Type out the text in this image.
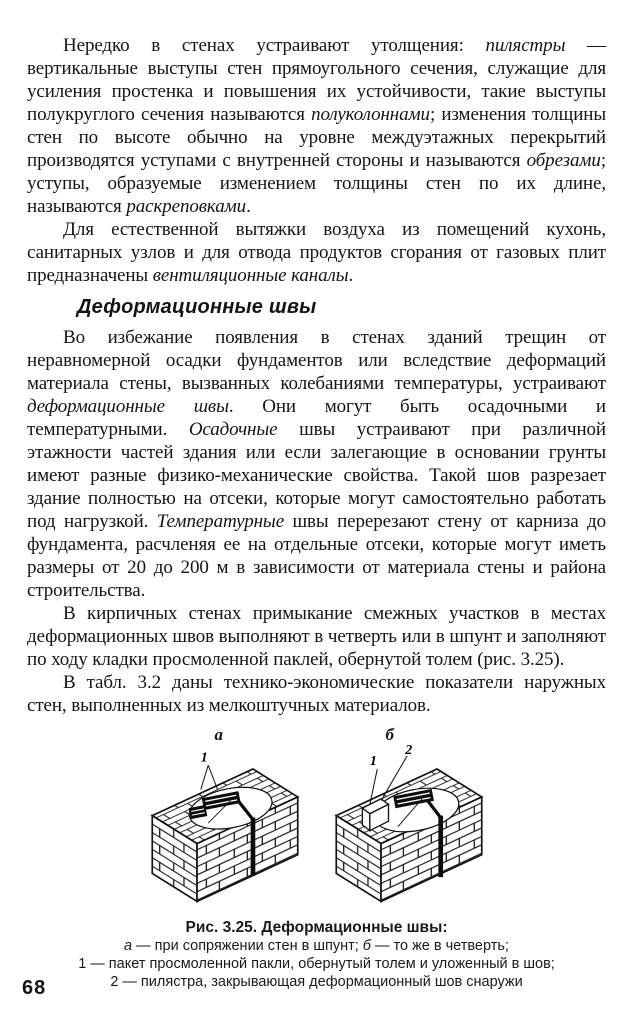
Нередко в стенах устраивают утолщения: пилястры — вертикальные выступы стен прямоугольного сечения, служащие для усиления простенка и повышения их устойчивости, такие выступы полукруглого сечения называются полуколоннами; изменения толщины стен по высоте обычно на уровне междуэтажных перекрытий производятся уступами с внутренней стороны и называются обрезами; уступы, образуемые изменением толщины стен по их длине, называются раскреповками.

Для естественной вытяжки воздуха из помещений кухонь, санитарных узлов и для отвода продуктов сгорания от газовых плит предназначены вентиляционные каналы.

Деформационные швы

Во избежание появления в стенах зданий трещин от неравномерной осадки фундаментов или вследствие деформаций материала стены, вызванных колебаниями температуры, устраивают деформационные швы. Они могут быть осадочными и температурными. Осадочные швы устраивают при различной этажности частей здания или если залегающие в основании грунты имеют разные физико-механические свойства. Такой шов разрезает здание полностью на отсеки, которые могут самостоятельно работать под нагрузкой. Температурные швы перерезают стену от карниза до фундамента, расчленяя ее на отдельные отсеки, которые могут иметь размеры от 20 до 200 м в зависимости от материала стены и района строительства.

В кирпичных стенах примыкание смежных участков в местах деформационных швов выполняют в четверть или в шпунт и заполняют по ходу кладки просмоленной паклей, обернутой толем (рис. 3.25).

В табл. 3.2 даны технико-экономические показатели наружных стен, выполненных из мелкоштучных материалов.

а	б
1	1
2
Рис. 3.25. Деформационные швы:
а — при сопряжении стен в шпунт; б — то же в четверть;
1 — пакет просмоленной пакли, обернутый толем и уложенный в шов;
2 — пилястра, закрывающая деформационный шов снаружи
68
